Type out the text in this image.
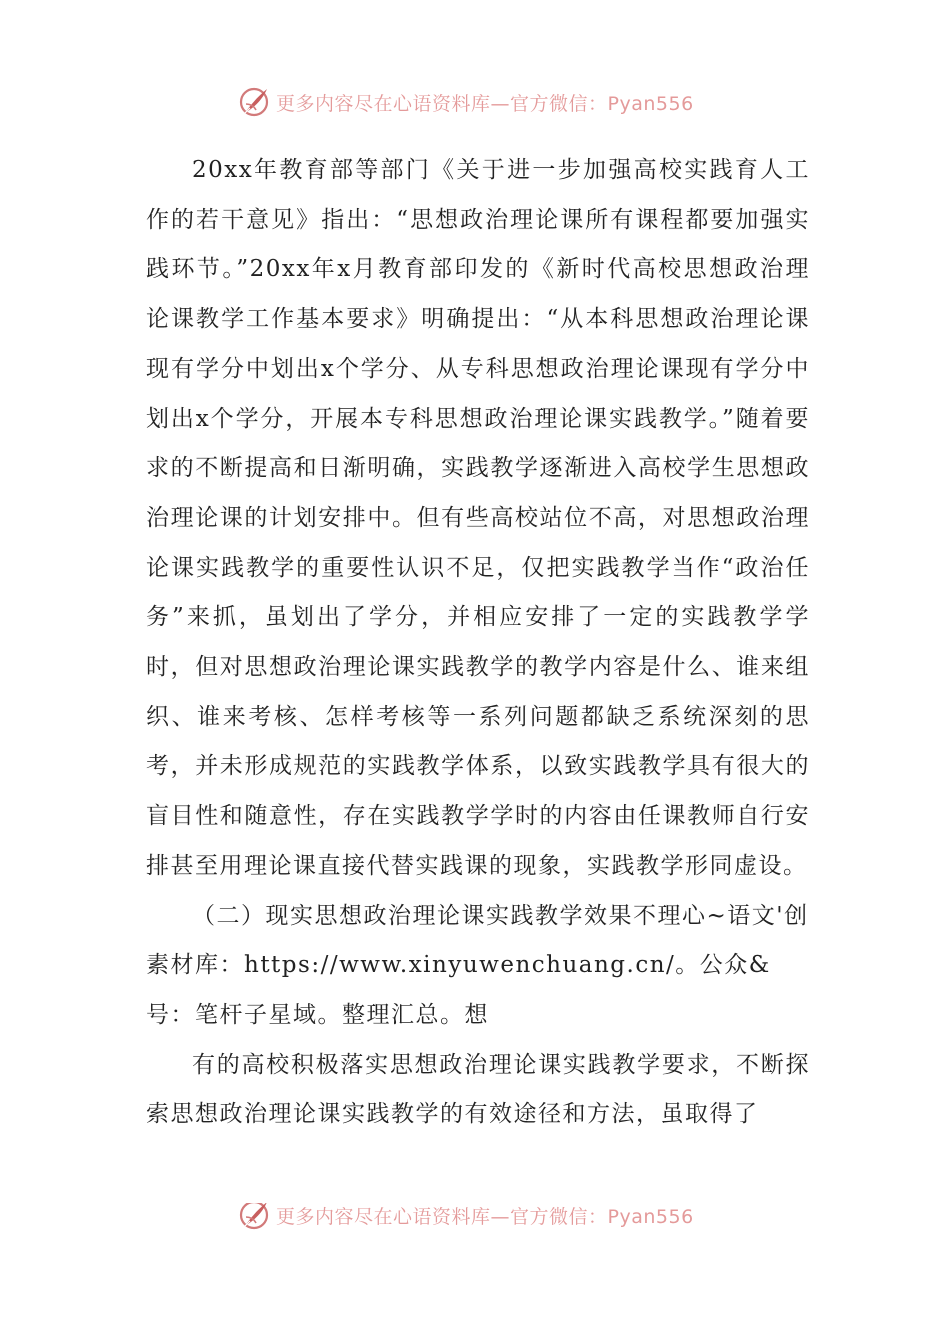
更多内容尽在心语资料库—官方微信：Pyan556

20xx年教育部等部门《关于进一步加强高校实践育人工作的若干意见》指出：“思想政治理论课所有课程都要加强实践环节。”20xx年x月教育部印发的《新时代高校思想政治理论课教学工作基本要求》明确提出：“从本科思想政治理论课现有学分中划出x个学分、从专科思想政治理论课现有学分中划出x个学分，开展本专科思想政治理论课实践教学。”随着要求的不断提高和日渐明确，实践教学逐渐进入高校学生思想政治理论课的计划安排中。但有些高校站位不高，对思想政治理论课实践教学的重要性认识不足，仅把实践教学当作“政治任务”来抓，虽划出了学分，并相应安排了一定的实践教学学时，但对思想政治理论课实践教学的教学内容是什么、谁来组织、谁来考核、怎样考核等一系列问题都缺乏系统深刻的思考，并未形成规范的实践教学体系，以致实践教学具有很大的盲目性和随意性，存在实践教学学时的内容由任课教师自行安排甚至用理论课直接代替实践课的现象，实践教学形同虚设。

（二）现实思想政治理论课实践教学效果不理心~语文'创素材库：https://www.xinyuwenchuang.cn/。公众&号：笔杆子星域。整理汇总。想

有的高校积极落实思想政治理论课实践教学要求，不断探索思想政治理论课实践教学的有效途径和方法，虽取得了

更多内容尽在心语资料库—官方微信：Pyan556
